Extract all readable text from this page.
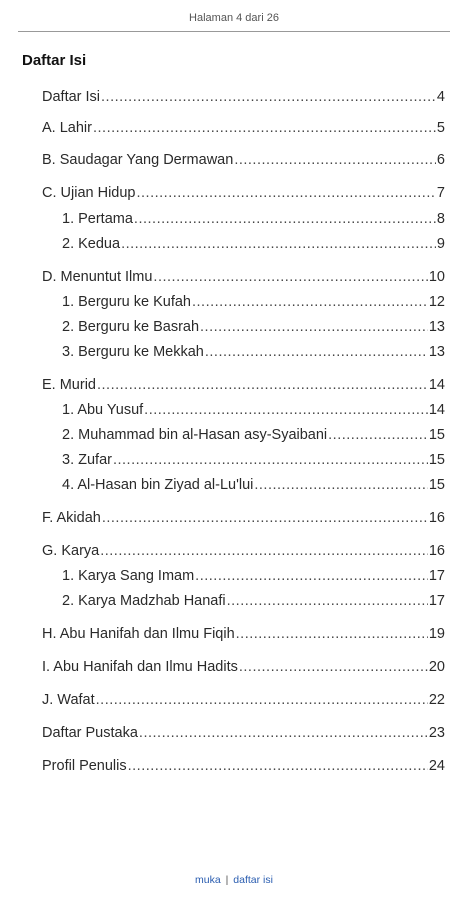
Halaman 4 dari 26
Daftar Isi
Daftar Isi .....	4
A. Lahir .....	5
B. Saudagar Yang Dermawan .....	6
C. Ujian Hidup .....	7
1. Pertama .....	8
2. Kedua .....	9
D. Menuntut Ilmu .....	10
1. Berguru ke Kufah .....	12
2. Berguru ke Basrah .....	13
3. Berguru ke Mekkah .....	13
E. Murid .....	14
1. Abu Yusuf .....	14
2. Muhammad bin al-Hasan asy-Syaibani .....	15
3. Zufar .....	15
4. Al-Hasan bin Ziyad al-Lu'lui .....	15
F. Akidah .....	16
G. Karya .....	16
1. Karya Sang Imam .....	17
2. Karya Madzhab Hanafi .....	17
H. Abu Hanifah dan Ilmu Fiqih .....	19
I. Abu Hanifah dan Ilmu Hadits .....	20
J. Wafat .....	22
Daftar Pustaka .....	23
Profil Penulis .....	24
muka | daftar isi
